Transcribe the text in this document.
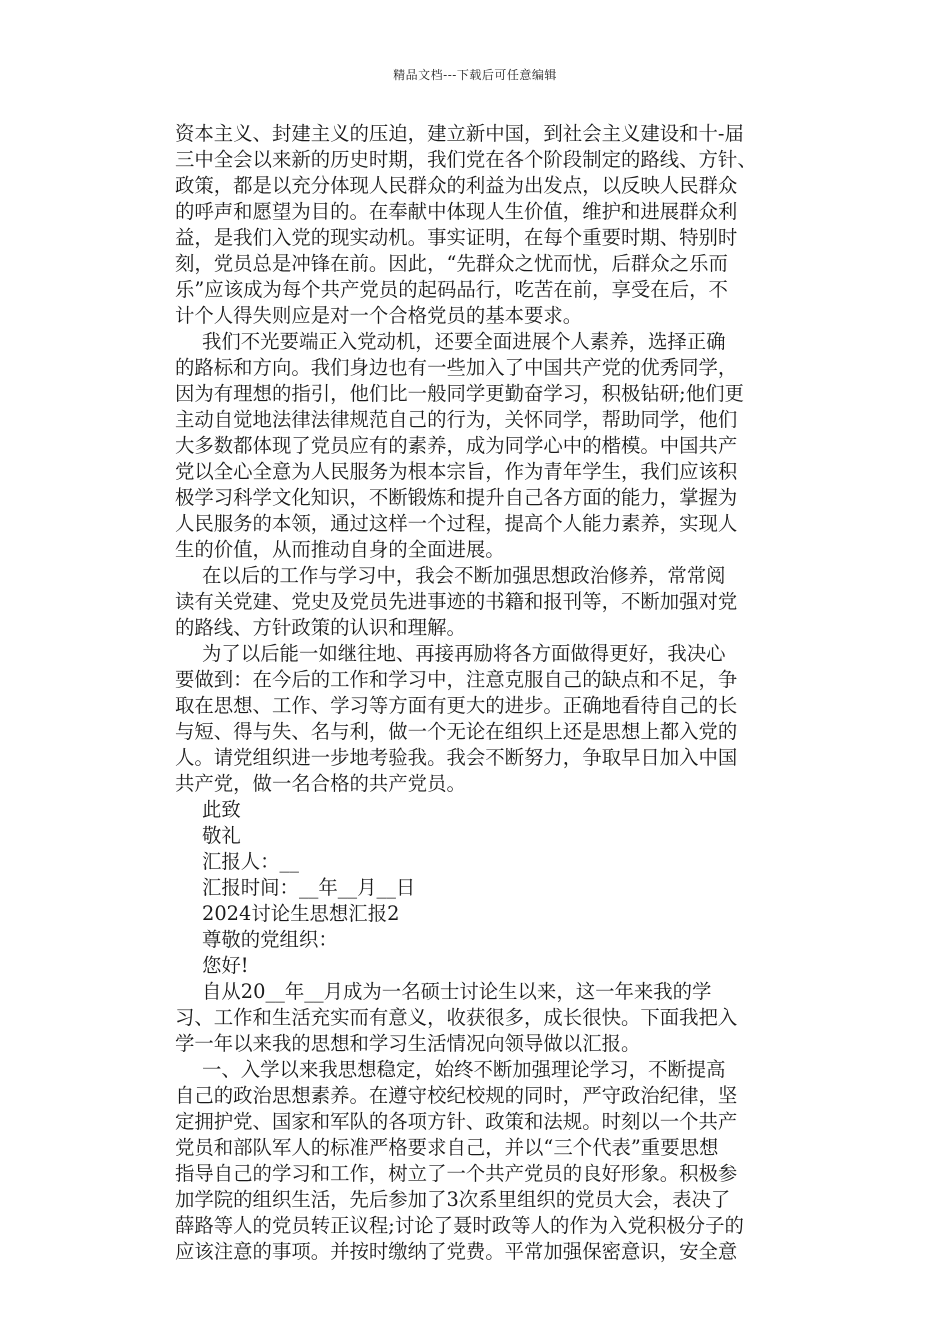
精品文档---下载后可任意编辑
资本主义、封建主义的压迫，建立新中国，到社会主义建设和十-届
三中全会以来新的历史时期，我们党在各个阶段制定的路线、方针、
政策，都是以充分体现人民群众的利益为出发点，以反映人民群众
的呼声和愿望为目的。在奉献中体现人生价值，维护和进展群众利
益，是我们入党的现实动机。事实证明，在每个重要时期、特别时
刻，党员总是冲锋在前。因此，“先群众之忧而忧，后群众之乐而
乐”应该成为每个共产党员的起码品行，吃苦在前，享受在后，不
计个人得失则应是对一个合格党员的基本要求。
我们不光要端正入党动机，还要全面进展个人素养，选择正确
的路标和方向。我们身边也有一些加入了中国共产党的优秀同学，
因为有理想的指引，他们比一般同学更勤奋学习，积极钻研;他们更
主动自觉地法律法律规范自己的行为，关怀同学，帮助同学，他们
大多数都体现了党员应有的素养，成为同学心中的楷模。中国共产
党以全心全意为人民服务为根本宗旨，作为青年学生，我们应该积
极学习科学文化知识，不断锻炼和提升自己各方面的能力，掌握为
人民服务的本领，通过这样一个过程，提高个人能力素养，实现人
生的价值，从而推动自身的全面进展。
在以后的工作与学习中，我会不断加强思想政治修养，常常阅
读有关党建、党史及党员先进事迹的书籍和报刊等，不断加强对党
的路线、方针政策的认识和理解。
为了以后能一如继往地、再接再励将各方面做得更好，我决心
要做到：在今后的工作和学习中，注意克服自己的缺点和不足，争
取在思想、工作、学习等方面有更大的进步。正确地看待自己的长
与短、得与失、名与利，做一个无论在组织上还是思想上都入党的
人。请党组织进一步地考验我。我会不断努力，争取早日加入中国
共产党，做一名合格的共产党员。
此致
敬礼
汇报人：__
汇报时间：__年__月__日
2024讨论生思想汇报2
尊敬的党组织：
您好!
自从20__年__月成为一名硕士讨论生以来，这一年来我的学
习、工作和生活充实而有意义，收获很多，成长很快。下面我把入
学一年以来我的思想和学习生活情况向领导做以汇报。
一、入学以来我思想稳定，始终不断加强理论学习，不断提高
自己的政治思想素养。在遵守校纪校规的同时，严守政治纪律，坚
定拥护党、国家和军队的各项方针、政策和法规。时刻以一个共产
党员和部队军人的标准严格要求自己，并以“三个代表”重要思想
指导自己的学习和工作，树立了一个共产党员的良好形象。积极参
加学院的组织生活，先后参加了3次系里组织的党员大会，表决了
薛路等人的党员转正议程;讨论了聂时政等人的作为入党积极分子的
应该注意的事项。并按时缴纳了党费。平常加强保密意识，安全意
